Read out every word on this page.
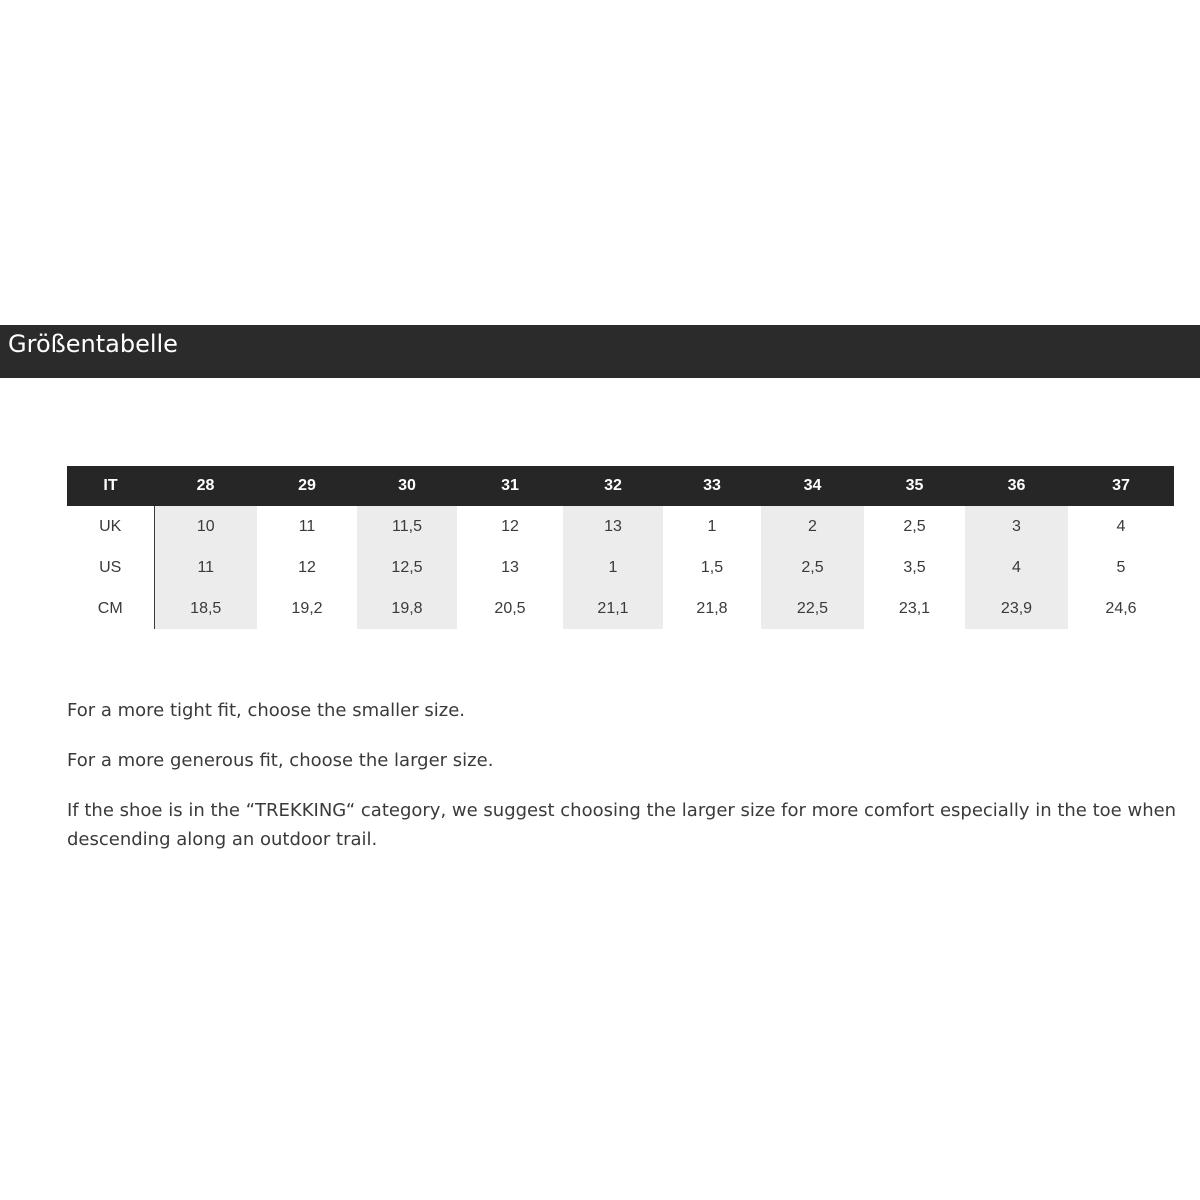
Größentabelle
IT	28	29	30	31	32	33	34	35	36	37
UK	10	11	11,5	12	13	1	2	2,5	3	4
US	11	12	12,5	13	1	1,5	2,5	3,5	4	5
CM	18,5	19,2	19,8	20,5	21,1	21,8	22,5	23,1	23,9	24,6

For a more tight fit, choose the smaller size.

For a more generous fit, choose the larger size.

If the shoe is in the “TREKKING“ category, we suggest choosing the larger size for more comfort especially in the toe when descending along an outdoor trail.
